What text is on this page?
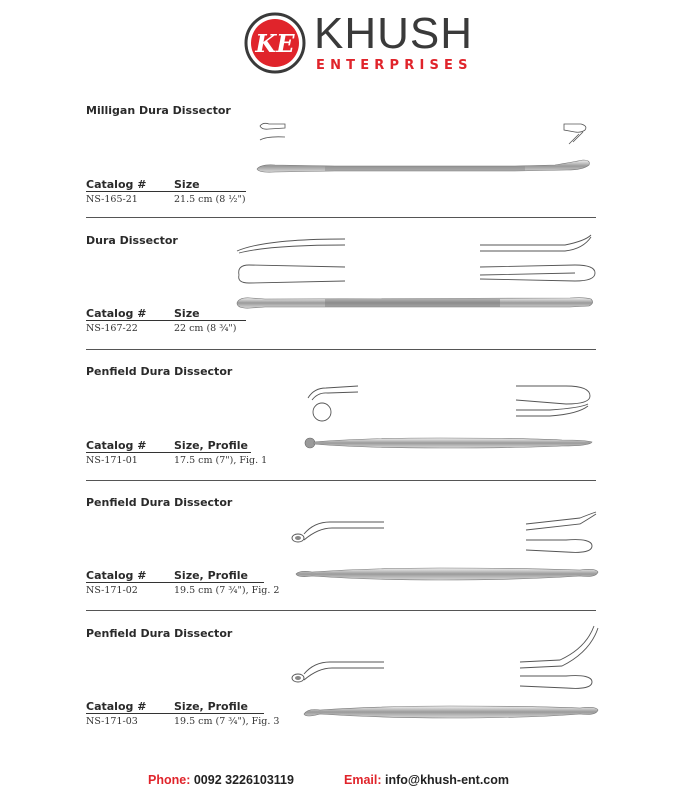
KE KHUSH
ENTERPRISES
Milligan Dura Dissector
Catalog #	Size
NS-165-21	21.5 cm (8 ½")
Dura Dissector
Catalog #	Size
NS-167-22	22 cm (8 ¾")
Penfield Dura Dissector
Catalog #	Size, Profile
NS-171-01	17.5 cm (7"), Fig. 1
Penfield Dura Dissector
Catalog #	Size, Profile
NS-171-02	19.5 cm (7 ¾"), Fig. 2
Penfield Dura Dissector
Catalog #	Size, Profile
NS-171-03	19.5 cm (7 ¾"), Fig. 3
Phone: 0092 3226103119	Email: info@khush-ent.com
